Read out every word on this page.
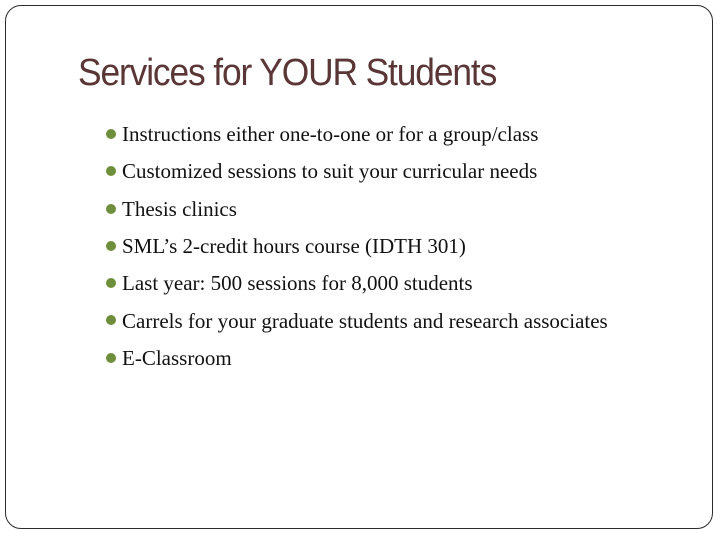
Services for YOUR Students
Instructions either one-to-one or for a group/class
Customized sessions to suit your curricular needs
Thesis clinics
SML’s 2-credit hours course (IDTH 301)
Last year: 500 sessions for 8,000 students
Carrels for your graduate students and research associates
E-Classroom
